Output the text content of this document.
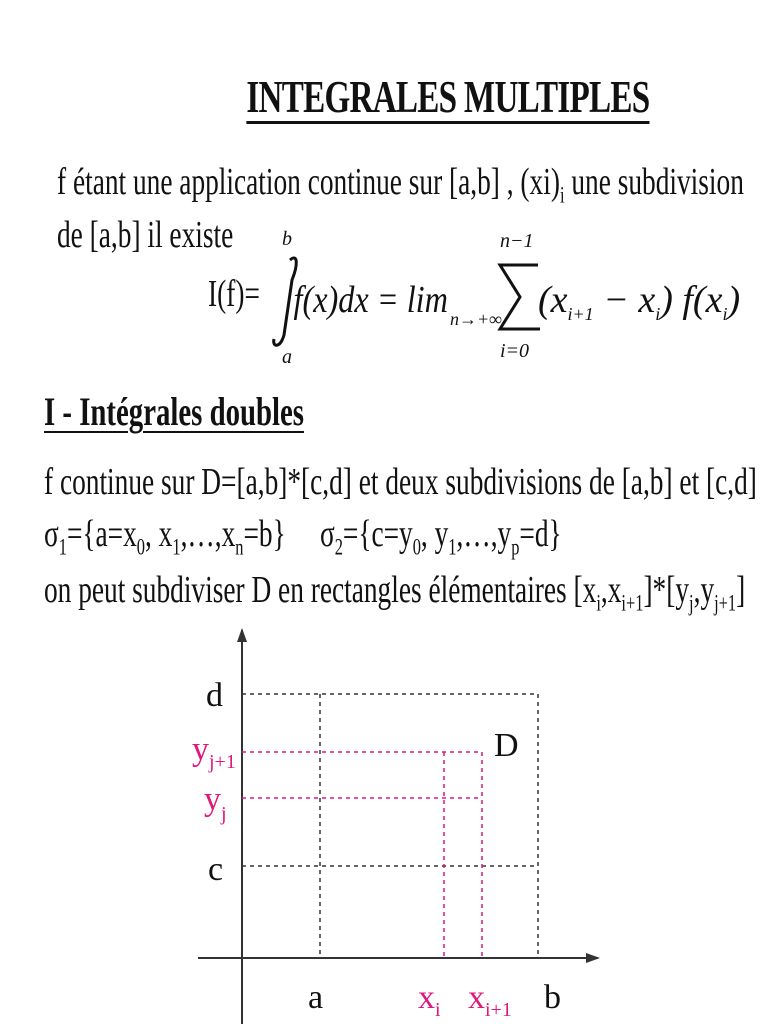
INTEGRALES MULTIPLES
f étant une application continue sur [a,b] , $(xi)_i$ une subdivision
de [a,b] il existe
I(f)=
b
a
f(x)dx = lim n→+∞
n−1
i=0
$(x_{i+1} - x_i)$ $f(x_i)$
I - Intégrales doubles
f continue sur D=[a,b]*[c,d] et deux subdivisions de [a,b] et [c,d]
$\sigma_1=\{a=x_0$, $x_1,\dots,x_n=b$} $\sigma_2=\{c=y_0$, $y_1,\dots,y_p=d$}
on peut subdiviser D en rectangles élémentaires $[x_i,x_{i+1}]*[y_j,y_{j+1}]$
d
$y_{j+1}$
$y_j$
c
D
a	$x_i$ $x_{i+1}$ b
